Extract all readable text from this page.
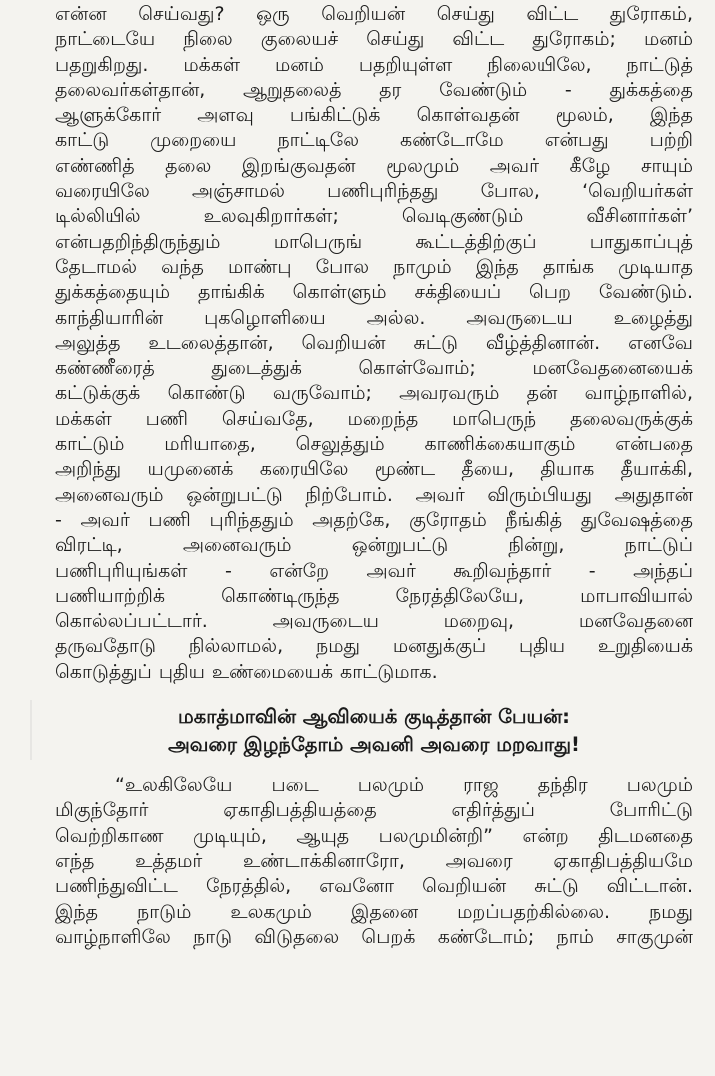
என்ன செய்வது? ஒரு வெறியன் செய்து விட்ட துரோகம்,
நாட்டையே நிலை குலையச் செய்து விட்ட துரோகம்; மனம்
பதறுகிறது. மக்கள் மனம் பதறியுள்ள நிலையிலே, நாட்டுத்
தலைவர்கள்தான், ஆறுதலைத் தர வேண்டும் - துக்கத்தை
ஆளுக்கோர் அளவு பங்கிட்டுக் கொள்வதன் மூலம், இந்த
காட்டு முறையை நாட்டிலே கண்டோமே என்பது பற்றி
எண்ணித் தலை இறங்குவதன் மூலமும் அவர் கீழே சாயும்
வரையிலே அஞ்சாமல் பணிபுரிந்தது போல, ‘வெறியர்கள்
டில்லியில் உலவுகிறார்கள்; வெடிகுண்டும் வீசினார்கள்’
என்பதறிந்திருந்தும் மாபெருங் கூட்டத்திற்குப் பாதுகாப்புத்
தேடாமல் வந்த மாண்பு போல நாமும் இந்த தாங்க முடியாத
துக்கத்தையும் தாங்கிக் கொள்ளும் சக்தியைப் பெற வேண்டும்.
காந்தியாரின் புகழொளியை அல்ல. அவருடைய உழைத்து
அலுத்த உடலைத்தான், வெறியன் சுட்டு வீழ்த்தினான். எனவே
கண்ணீரைத் துடைத்துக் கொள்வோம்; மனவேதனையைக்
கட்டுக்குக் கொண்டு வருவோம்; அவரவரும் தன் வாழ்நாளில்,
மக்கள் பணி செய்வதே, மறைந்த மாபெருந் தலைவருக்குக்
காட்டும் மரியாதை, செலுத்தும் காணிக்கையாகும் என்பதை
அறிந்து யமுனைக் கரையிலே மூண்ட தீயை, தியாக தீயாக்கி,
அனைவரும் ஒன்றுபட்டு நிற்போம். அவர் விரும்பியது அதுதான்
- அவர் பணி புரிந்ததும் அதற்கே, குரோதம் நீங்கித் துவேஷத்தை
விரட்டி, அனைவரும் ஒன்றுபட்டு நின்று, நாட்டுப்
பணிபுரியுங்கள் - என்றே அவர் கூறிவந்தார் - அந்தப்
பணியாற்றிக் கொண்டிருந்த நேரத்திலேயே, மாபாவியால்
கொல்லப்பட்டார். அவருடைய மறைவு, மனவேதனை
தருவதோடு நில்லாமல், நமது மனதுக்குப் புதிய உறுதியைக்
கொடுத்துப் புதிய உண்மையைக் காட்டுமாக.

மகாத்மாவின் ஆவியைக் குடித்தான் பேயன்:
அவரை இழந்தோம் அவனி அவரை மறவாது!

“உலகிலேயே படை பலமும் ராஜ தந்திர பலமும்
மிகுந்தோர் ஏகாதிபத்தியத்தை எதிர்த்துப் போரிட்டு
வெற்றிகாண முடியும், ஆயுத பலமுமின்றி” என்ற திடமனதை
எந்த உத்தமர் உண்டாக்கினாரோ, அவரை ஏகாதிபத்தியமே
பணிந்துவிட்ட நேரத்தில், எவனோ வெறியன் சுட்டு விட்டான்.
இந்த நாடும் உலகமும் இதனை மறப்பதற்கில்லை. நமது
வாழ்நாளிலே நாடு விடுதலை பெறக் கண்டோம்; நாம் சாகுமுன்
